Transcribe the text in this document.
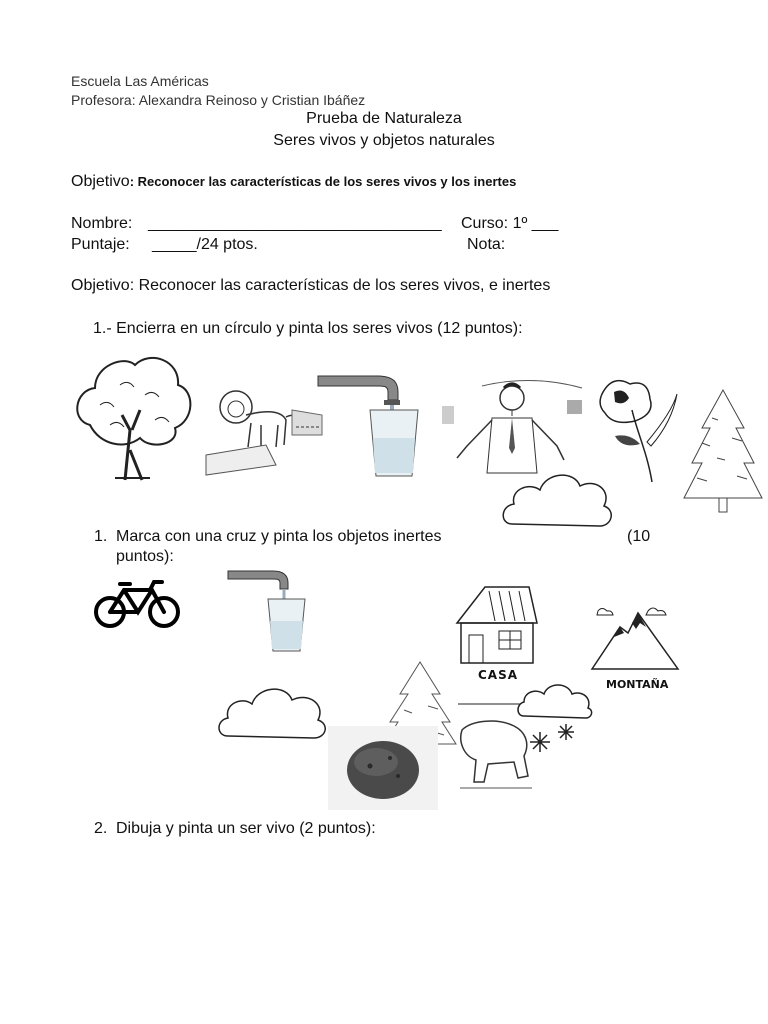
Escuela Las Américas
Profesora: Alexandra Reinoso y Cristian Ibáñez
Prueba de Naturaleza
Seres vivos y objetos naturales
Objetivo: Reconocer las características de los seres vivos y los inertes
Nombre: _________________________________ Curso: 1º ___
Puntaje: _____/24 ptos.	Nota:
Objetivo: Reconocer las características de los seres vivos, e inertes
1.- Encierra en un círculo y pinta los seres vivos (12 puntos):
1. Marca con una cruz y pinta los objetos inertes	(10
puntos):
CASA
MONTAÑA
2. Dibuja y pinta un ser vivo (2 puntos):
